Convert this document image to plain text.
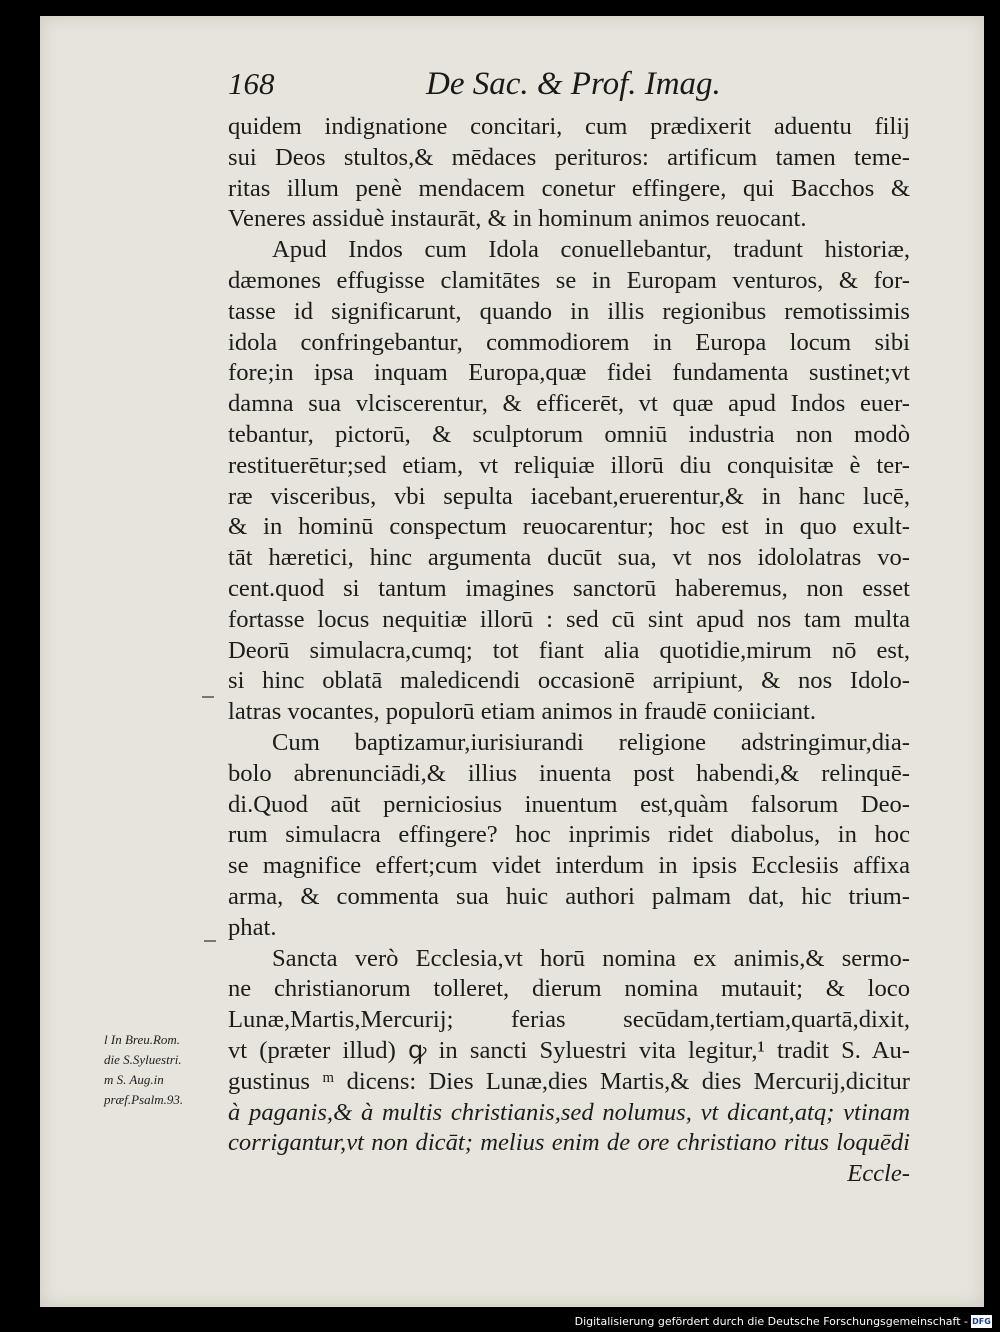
168	De Sac. & Prof. Imag.
quidem indignatione concitari, cum prædixerit aduentu filij
sui Deos stultos,& mēdaces perituros: artificum tamen teme-
ritas illum penè mendacem conetur effingere, qui Bacchos &
Veneres assiduè instaurāt, & in hominum animos reuocant.
Apud Indos cum Idola conuellebantur, tradunt historiæ,
dæmones effugisse clamitātes se in Europam venturos, & for-
tasse id significarunt, quando in illis regionibus remotissimis
idola confringebantur, commodiorem in Europa locum sibi
fore;in ipsa inquam Europa,quæ fidei fundamenta sustinet;vt
damna sua vlciscerentur, & efficerēt, vt quæ apud Indos euer-
tebantur, pictorū, & sculptorum omniū industria non modò
restituerētur;sed etiam, vt reliquiæ illorū diu conquisitæ è ter-
ræ visceribus, vbi sepulta iacebant,eruerentur,& in hanc lucē,
& in hominū conspectum reuocarentur; hoc est in quo exult-
tāt hæretici, hinc argumenta ducūt sua, vt nos idololatras vo-
cent.quod si tantum imagines sanctorū haberemus, non esset
fortasse locus nequitiæ illorū : sed cū sint apud nos tam multa
Deorū simulacra,cumq; tot fiant alia quotidie,mirum nō est,
si hinc oblatā maledicendi occasionē arripiunt, & nos Idolo-
latras vocantes, populorū etiam animos in fraudē coniiciant.
Cum baptizamur,iurisiurandi religione adstringimur,dia-
bolo abrenunciādi,& illius inuenta post habendi,& relinquē-
di.Quod aūt perniciosius inuentum est,quàm falsorum Deo-
rum simulacra effingere? hoc inprimis ridet diabolus, in hoc
se magnifice effert;cum videt interdum in ipsis Ecclesiis affixa
arma, & commenta sua huic authori palmam dat, hic trium-
phat.
Sancta verò Ecclesia,vt horū nomina ex animis,& sermo-
ne christianorum tolleret, dierum nomina mutauit; & loco
Lunæ,Martis,Mercurij; ferias secūdam,tertiam,quartā,dixit,
vt (præter illud) ꝙ in sancti Syluestri vita legitur,¹ tradit S. Au-
gustinus ᵐ dicens: Dies Lunæ,dies Martis,& dies Mercurij,dicitur
à paganis,& à multis christianis,sed nolumus, vt dicant,atq; vtinam
corrigantur,vt non dicāt; melius enim de ore christiano ritus loquēdi
Eccle-
l In Breu.Rom.
die S.Syluestri.
m S. Aug.in
præf.Psalm.93.
Digitalisierung gefördert durch die Deutsche Forschungsgemeinschaft - DFG
